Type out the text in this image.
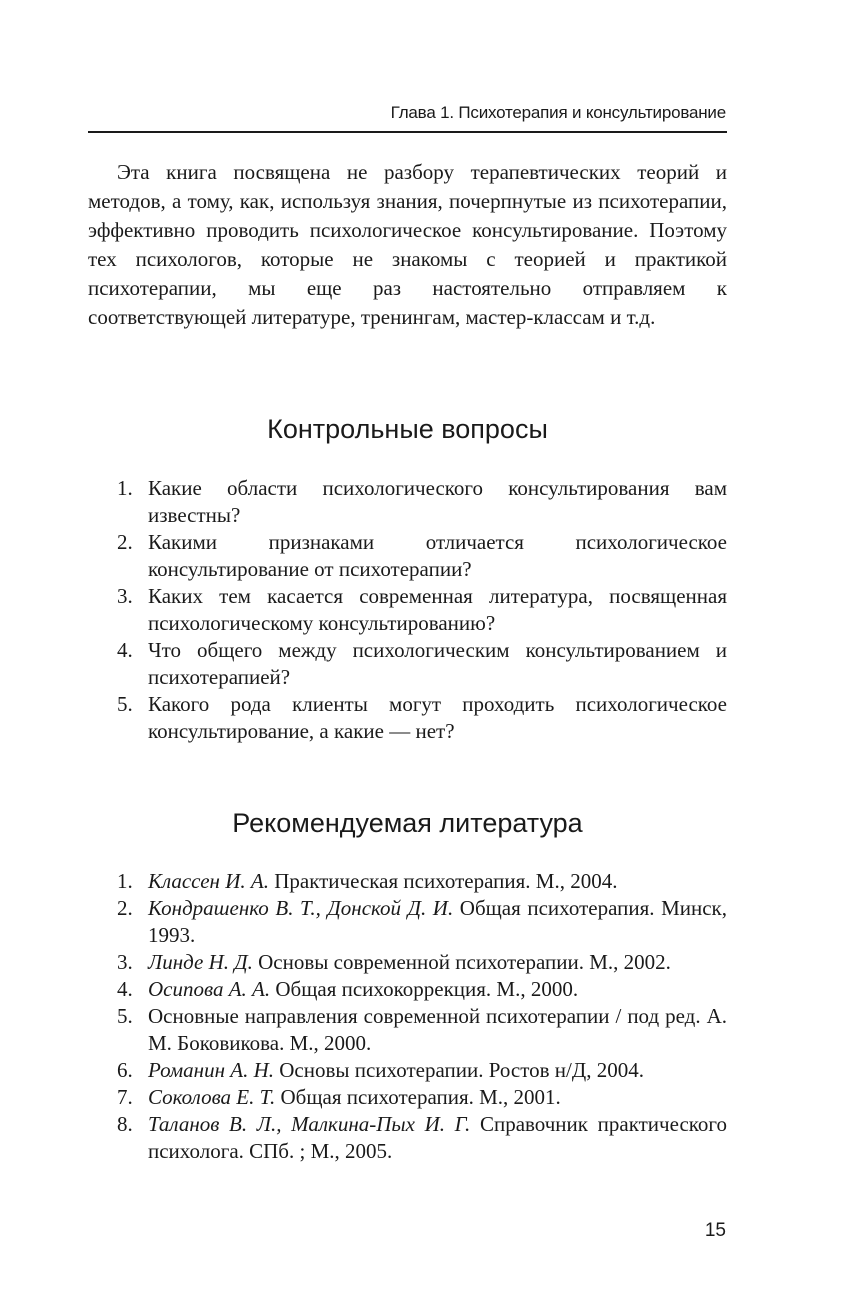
Глава 1. Психотерапия и консультирование

Эта книга посвящена не разбору терапевтических теорий и методов, а тому, как, используя знания, почерпнутые из психотерапии, эффективно проводить психологическое консультирование. Поэтому тех психологов, которые не знакомы с теорией и практикой психотерапии, мы еще раз настоятельно отправляем к соответствующей литературе, тренингам, мастер-классам и т.д.

Контрольные вопросы
1. Какие области психологического консультирования вам известны?
2. Какими признаками отличается психологическое консультирование от психотерапии?
3. Каких тем касается современная литература, посвященная психологическому консультированию?
4. Что общего между психологическим консультированием и психотерапией?
5. Какого рода клиенты могут проходить психологическое консультирование, а какие — нет?
Рекомендуемая литература
1. Классен И. А. Практическая психотерапия. М., 2004.
2. Кондрашенко В. Т., Донской Д. И. Общая психотерапия. Минск, 1993.
3. Линде Н. Д. Основы современной психотерапии. М., 2002.
4. Осипова А. А. Общая психокоррекция. М., 2000.
5. Основные направления современной психотерапии / под ред. А. М. Боковикова. М., 2000.
6. Романин А. Н. Основы психотерапии. Ростов н/Д, 2004.
7. Соколова Е. Т. Общая психотерапия. М., 2001.
8. Таланов В. Л., Малкина-Пых И. Г. Справочник практического психолога. СПб. ; М., 2005.
15
